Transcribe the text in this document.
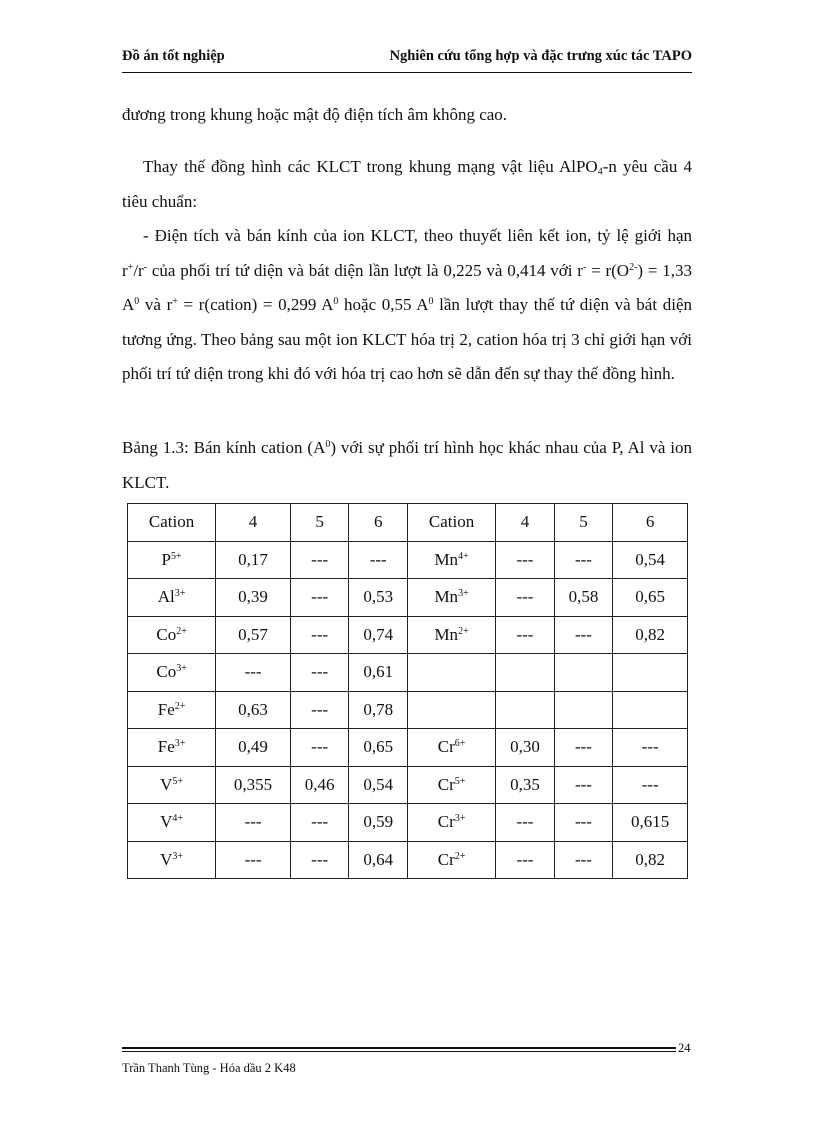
Đồ án tốt nghiệp	Nghiên cứu tổng hợp và đặc trưng xúc tác TAPO
đương trong khung hoặc mật độ điện tích âm không cao.
Thay thế đồng hình các KLCT trong khung mạng vật liệu AlPO$_4$-n yêu cầu 4 tiêu chuẩn:
- Điện tích và bán kính của ion KLCT, theo thuyết liên kết ion, tỷ lệ giới hạn r+/r- của phối trí tứ diện và bát diện lần lượt là 0,225 và 0,414 với $r^- = r(O^{2-}) = 1,33$ $A^0$ và r+ = r(cation) = 0,299 $A^0$ hoặc 0,55 $A^0$ lần lượt thay thế tứ diện và bát diện tương ứng. Theo bảng sau một ion KLCT hóa trị 2, cation hóa trị 3 chỉ giới hạn với phối trí tứ diện trong khi đó với hóa trị cao hơn sẽ dẫn đến sự thay thế đồng hình.
Bảng 1.3: Bán kính cation $(A^0)$ với sự phối trí hình học khác nhau của P, Al và ion KLCT.
Cation	4	5	6	Cation	4	5	6
$P^{5+}$	0,17	---	---	$Mn^{4+}$	---	---	0,54
$Al^{3+}$	0,39	---	0,53	$Mn^{3+}$	---	0,58	0,65
$Co^{2+}$	0,57	---	0,74	$Mn^{2+}$	---	---	0,82
$Co^{3+}$	---	---	0,61				
$Fe^{2+}$	0,63	---	0,78				
$Fe^{3+}$	0,49	---	0,65	$Cr^{6+}$	0,30	---	---
$V^{5+}$	0,355	0,46	0,54	$Cr^{5+}$	0,35	---	---
$V^{4+}$	---	---	0,59	$Cr^{3+}$	---	---	0,615
$V^{3+}$	---	---	0,64	$Cr^{2+}$	---	---	0,82
24
Trần Thanh Tùng - Hóa dầu 2 K48
